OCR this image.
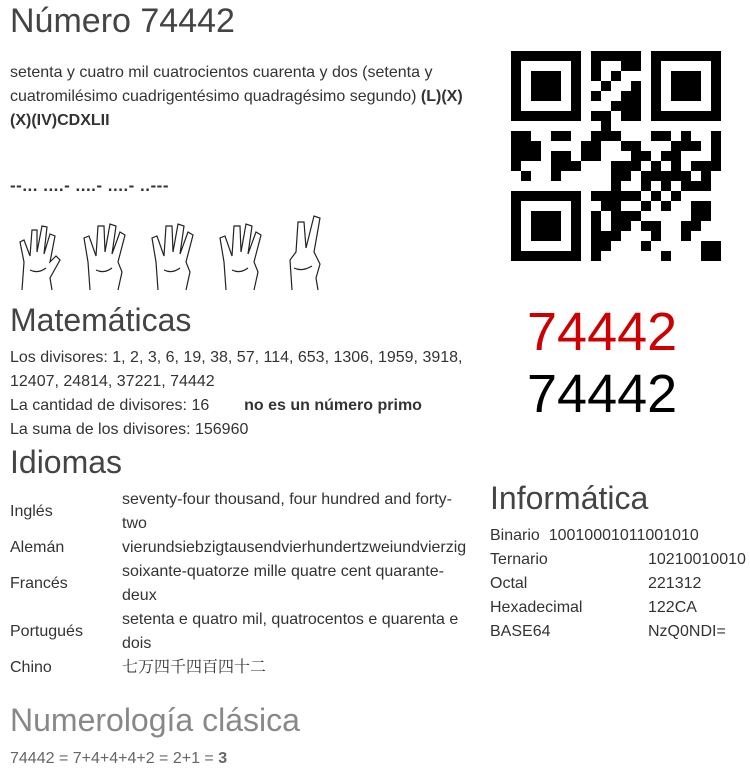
Número 74442
setenta y cuatro mil cuatrocientos cuarenta y dos (setenta y cuatromilésimo cuadrigentésimo quadragésimo segundo) (L)(X)(X)(IV)CDXLII
--... ....- ....- ....- ..---
74442
74442
Matemáticas
Los divisores: 1, 2, 3, 6, 19, 38, 57, 114, 653, 1306, 1959, 3918,
12407, 24814, 37221, 74442
La cantidad de divisores: 16 no es un número primo
La suma de los divisores: 156960
Idiomas
Inglés	seventy-four thousand, four hundred and forty-two
Alemán	vierundsiebzigtausendvierhundertzweiundvierzig
Francés	soixante-quatorze mille quatre cent quarante-deux
Portugués	setenta e quatro mil, quatrocentos e quarenta e dois
Chino	七万四千四百四十二
Informática
Binario 10010001011001010
Ternario	10210010010
Octal	221312
Hexadecimal	122CA
BASE64	NzQ0NDI=
Numerología clásica
74442 = 7+4+4+4+2 = 2+1 = 3
